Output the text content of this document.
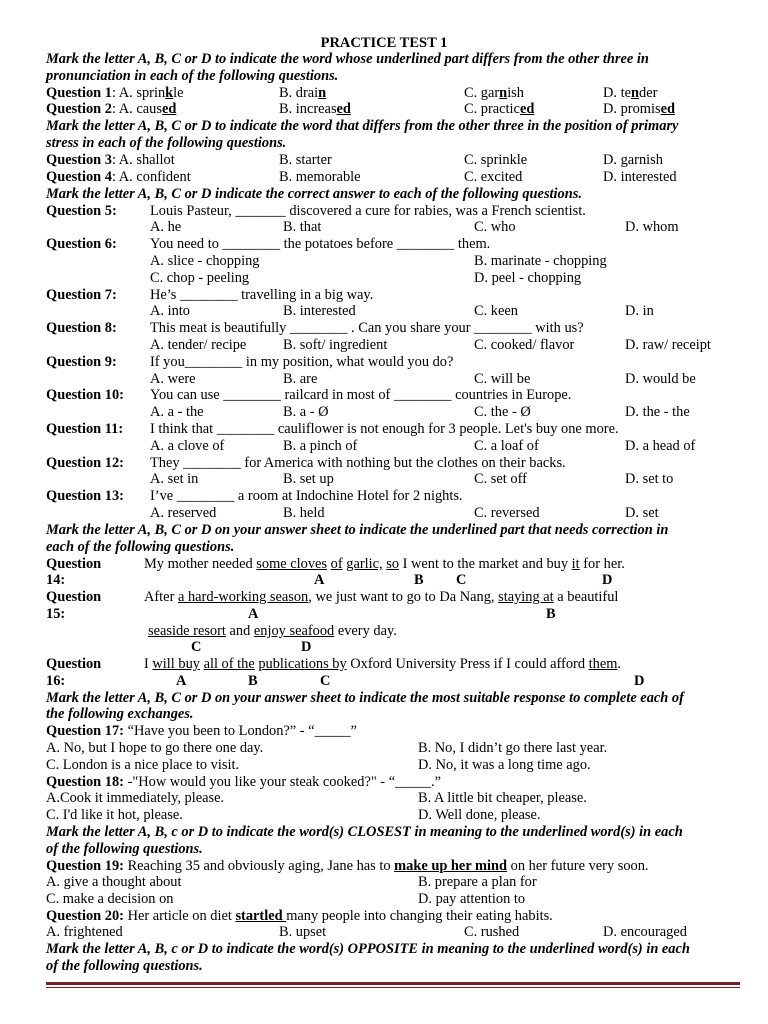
PRACTICE TEST 1
Mark the letter A, B, C or D to indicate the word whose underlined part differs from the other three in
pronunciation in each of the following questions.
Question 1: A. sprinkle	B. drain	C. garnish	D. tender
Question 2: A. caused	B. increased	C. practiced	D. promised
Mark the letter A, B, C or D to indicate the word that differs from the other three in the position of primary
stress in each of the following questions.
Question 3: A. shallot	B. starter	C. sprinkle	D. garnish
Question 4: A. confident	B. memorable	C. excited	D. interested
Mark the letter A, B, C or D indicate the correct answer to each of the following questions.
Question 5: Louis Pasteur, _______ discovered a cure for rabies, was a French scientist.
A. he	B. that	C. who	D. whom
Question 6: You need to ________ the potatoes before ________ them.
A. slice - chopping	B. marinate - chopping
C. chop - peeling	D. peel - chopping
Question 7: He’s ________ travelling in a big way.
A. into	B. interested	C. keen	D. in
Question 8: This meat is beautifully ________ . Can you share your ________ with us?
A. tender/ recipe	B. soft/ ingredient	C. cooked/ flavor	D. raw/ receipt
Question 9: If you________ in my position, what would you do?
A. were	B. are	C. will be	D. would be
Question 10: You can use ________ railcard in most of ________ countries in Europe.
A. a - the	B. a - Ø	C. the - Ø	D. the - the
Question 11: I think that ________ cauliflower is not enough for 3 people. Let's buy one more.
A. a clove of	B. a pinch of	C. a loaf of	D. a head of
Question 12: They ________ for America with nothing but the clothes on their backs.
A. set in	B. set up	C. set off	D. set to
Question 13: I’ve ________ a room at Indochine Hotel for 2 nights.
A. reserved	B. held	C. reversed	D. set
Mark the letter A, B, C or D on your answer sheet to indicate the underlined part that needs correction in
each of the following questions.
Question	My mother needed some cloves of garlic, so I went to the market and buy it for her.
14:	A	B C	D
Question	After a hard-working season, we just want to go to Da Nang, staying at a beautiful
15:	A	B
seaside resort and enjoy seafood every day.
C	D
Question	I will buy all of the publications by Oxford University Press if I could afford them.
16:	A	B	C	D
Mark the letter A, B, C or D on your answer sheet to indicate the most suitable response to complete each of
the following exchanges.
Question 17: “Have you been to London?” - “_____”
A. No, but I hope to go there one day.	B. No, I didn’t go there last year.
C. London is a nice place to visit.	D. No, it was a long time ago.
Question 18: -"How would you like your steak cooked?" - “_____.”
A.Cook it immediately, please.	B. A little bit cheaper, please.
C. I'd like it hot, please.	D. Well done, please.
Mark the letter A, B, c or D to indicate the word(s) CLOSEST in meaning to the underlined word(s) in each
of the following questions.
Question 19: Reaching 35 and obviously aging, Jane has to make up her mind on her future very soon.
A. give a thought about	B. prepare a plan for
C. make a decision on	D. pay attention to
Question 20: Her article on diet startled many people into changing their eating habits.
A. frightened	B. upset	C. rushed	D. encouraged
Mark the letter A, B, c or D to indicate the word(s) OPPOSITE in meaning to the underlined word(s) in each
of the following questions.
